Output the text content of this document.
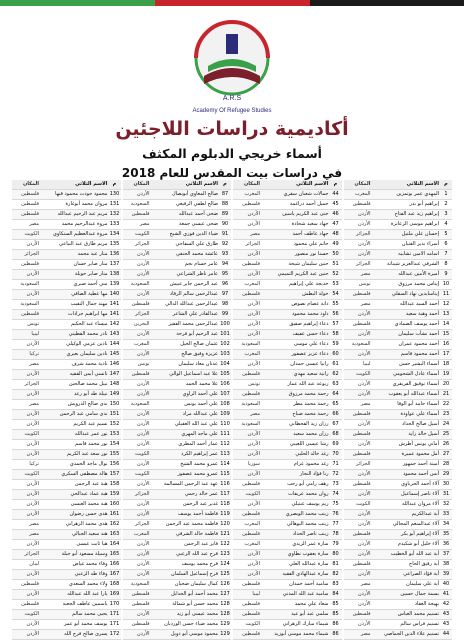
A.R.S
Academy Of Refugee Studies
أكاديمية دراسات اللاجئين
أسماء خريجي الدبلوم المكثف
في دراسات بيت المقدس للعام 2018
م
الاسم الثلاثي
المكان
1
المهدي عمر بوتمزين
المغرب
2
إبراهيم أبو بدر
فلسطين
3
إبراهيم زيد عبد الفتاح
الأردن
4
ابراهيم موسى الزعاترة
الأردن
5
إحسان علي ملتيل
الجزائر
6
أسراء نذير الفتيان
الأردن
7
اسامه الامين تشابيه
الأردن
8
الشرفي عبدالعزيز شيناتة
الجزائر
9
أميرة الأمين عبدالله
مصر
10
إيناس محمد مرزوق
تونس
11
إيناسايدين نهاد السقلي
فلسطين
12
أحمد السيد عبدالله
مصر
13
أحمد وهبة سعيد
الأردن
14
أحمد يوسف الصمادي
فلسطين
15
أحمد نشأت سليمان
الأردن
16
أحمد محمود عمران
السعودية
17
أحمد محمود قاسم
الأردن
18
أسماء البشير حسن
ليبيا
19
أسماء عادل الشحومي
الكويت
20
أسماء توفيق الفريقري
الأردن
21
أسماء عبدالله أبو يعقوب
الأردن
22
أسماء حامد أبو الوفا
مصر
23
أسماء علي عواودة
فلسطين
24
أسيل صالح الحداد
الأردن
25
أسيل خالد زايد
فلسطين
26
أماني يونس أطرش
الأردن
27
أمل محمود عميرة
فلسطين
28
أمينة أحمد جمهور
الجزائر
29
أنس أحمد محمود
الأردن
30
آلاء أحمد الحرباوي
فلسطين
31
آلاء ناصر إسماعيل
الأردن
32
آلاء مروان عبدالله
الكويت
33
آية عبدالكريم
الأردن
34
آلاء عبدالمنعم المجالي
الأردن
35
آلاء إبراهيم أبو بكر
فلسطين
36
آلاء خليل أبو شكيدم
الأردن
37
أية عبد الله أبو الخطيب
الأردن
38
أية رفيق الحاج
فلسطين
39
أية فؤاد الصراعي
الأردن
40
أية علي سليمان
مصر
41
بسمة جمال حسين
الأردن
42
بهيجة العقاد
الأردن
43
تسنيم محمد العباس
فلسطين
43
تسنيم فراس سالم
الأردن
44
تسنيم علاء الدين الجماصي
مصر
م
الاسم الثلاثي
المكان
44
جمالات شعبان سقري
المغرب
45
جميل أحمد دراغمة
فلسطين
46
جنى عبد الكريم ياسين
الأردن
47
جهاد سعيد شحادة
الأردن
48
جهاد عاطف أحمد
مصر
49
حاتم علي محمود
الجزائر
50
حسنا نور منصور
الأردن
51
حنين سليمان شيحة
فلسطين
52
حنين عبد الكريم التميمي
الأردن
53
خديجة علي إبراهيم
المغرب
54
خولة البطش
فلسطين
55
دانة عصام نصوص
الأردن
56
داود محمد محمود
الأردن
57
دعاء إبراهيم صفيق
الأردن
58
دعاء حسن عفيف
الأردن
59
دعاء علي موسى
السعودية
60
دعاء عزيز عصفور
المغرب
61
رانيا عيسى حمدان
الأردن
62
رانية سعيد مهدي
فلسطين
63
ربوعة عبد الله عمار
تونس
64
رحمة محمد مرزوق
فلسطين
65
رحمة محمد مطر
السعودية
66
رحمة محمد صباح
مصر
67
رزان زيد القحطاني
السعودية
68
رزان محمد سعيد
الأردن
69
رشا عيسى اللعيبي
الأردن
70
رغد خالد الحلبي
الأردن
71
رغد محمود عزام
سوريا
72
رنا فؤاد النجار
الأردن
73
رهف رامي أبو رجب
فلسطين
74
روان محمد عريقات
الكويت
75
ريم يوسف عنتيلي
الأردن
76
زينب محمد الوبصري
فلسطين
77
زينب محمد البوهالي
المغرب
78
زينب ناصر الحداد
فلسطين
79
سارة عمر الزيدي
المغرب
80
سارة يعقوب نطاوي
الأردن
81
سارة عبدالله العلي
الأردن
82
سارة عبدالهادي الفقيه
الأردن
83
سامية أحمد حمدان
فلسطين
84
سامية عبد الله المدني
ليبيا
85
سعاد علي محمد
فلسطين
85
سلمى عبد أبو عيد
فلسطين
86
شيماء مبارك الزهراني
الكويت
86
شيماء محمد موسى أبوزيد
فلسطين
م
الاسم الثلاثي
المكان
87
صالح المغاوي أبوبصال
الأردن
88
صالح لطفي الرفيعي
السعودية
89
ضحى أحمد عبدالله
فلسطين
90
ضحى عيسى جمعة
مصر
91
ضياء الدين فوزي الشيخ
الكويت
92
طارق علي السفاحي
الجزائر
93
عائشة محمد الحنفي
الأردن
94
عامر حسام نجم
الأردن
95
عامر ناظر الشراعي
الأردن
96
عبد الرحمن جابر غبيش
السعودية
97
عبدالرحمن سالم الرقاد
الأردن
98
عبدالرحمن عبدالله الدالي
فلسطين
99
عبدالقادر علي الشاعر
الجزائر
100
عبدالرحمن محمد الفقير
البحرين
101
عبد الرحيم أبو فرحة
الأردن
102
عثمان صالح الخيل
المغرب
103
عزيزة وفيق صالح
الأردن
104
عدنان معاذ سليمان
تونس
105
علا عبد اسماعيل الوالي
فلسطين
106
علا محمد الحمد
الأردن
107
علي أحمد الراوي
الأردن
108
علي أحمد يونس
السعودية
109
علي عبدالله مراد
الأردن
110
علي عبد الله العقيلي
الأردن
111
علي ماجد المهري
الأردن
112
عمار أحمد المطري
الأردن
113
عمر إبراهيم الكرد
الكويت
114
عمرو محمد الشيخ
الأردن
115
عمرو محمد عصفور
الكويت
116
عهد عبد الرحمن المسالمة
الأردن
117
عمر خالد رحمي
الجزائر
118
غدير عبد الرحمن
الأردن
119
فاطمة أحمد يوسف
الأردن
120
فاطمة محمد عبد الرحمن
الجزائر
121
فاطمة خالد الشرفي
المغرب
122
فايز عبد الرحمن
الأردن
123
فرح عبد الله الزعبي
الأردن
124
فرح محمد يوسف
الأردن
125
فرح إسماعيل السلمان
الأردن
126
كمال سليمان ضحيان
السعودية
127
محمد أحمد أبو الجدايل
فلسطين
128
محمد حسن أبو شمالة
فلسطين
128
محمد عيسى أبو زيد
الأردن
129
محمد ضياء حسن الورديان
فلسطين
129
محمود موسى أبو ذويل
الأردن
م
الاسم الثلاثي
المكان
130
محمود جودت محمود قنها
فلسطين
131
مروان محمد أبوغارة
فلسطين
132
مريم عبد الرحيم عبدالله
فلسطين
133
مروة عبدالرحيم محمد
مصر
134
مروة عبدالعظيم السنكاوي
الكويت
135
مريم طارق عبد البياعي
الأردن
136
منار عبد محمد
الجزائر
137
منار صابر حسان
فلسطين
138
منار صابر حويلة
الأردن
139
مني أحمد صبري
السعودية
140
مها عطية الصافي
الأردن
141
مهند جمال النقيب
السعودية
141
مها ابراهيم جرادات
فلسطين
142
ميساء عبد الحكيم
تونس
143
نادر محمد القطيني
ليبيا
144
نادين عزمي الوكيلي
الأردن
145
نادين سليمان بعيري
تركيا
146
نادية محمد شرف
مصر
147
نانسي أيمن الفقيه
الأردن
148
نبيل محمد صالحين
الجزائر
149
نبيلة طه أبو رعد
الأردن
150
ندى صالح الدرويش
مصر
151
ندى سامي عبد الرحمن
الأردن
152
نسيم عبد الكريم
الأردن
153
نور عمر عبدالله
الكويت
154
نور محمد قاسم
الأردن
155
نور سعد عبد الكريم
الأردن
156
نوال ماجد الحمدي
تركيا
157
هالة مصطفى السكري
الكويت
158
هبة عبد الرحمن
الأردن
159
هبة عماد عبدالحي
الأردن
160
هبة محمد العيسى
الأردن
161
هدى حسن رضوان
الأردن
162
هدى محمد الزهراني
مصر
163
هند سعيد الجبالي
مصر
164
هيا ثابت عيسى
الأردن
165
وسيلة مسعود أبو جبلة
الجزائر
166
وفاء محمد غياض
لبنان
167
وفاء طه الزعبي
الأردن
168
ولاء محمد السعدي
فلسطين
169
يارا عبد الله عبدالله
الأردن
170
ياسمين عاطف الجعبة
فلسطين
171
يحيى محمد سالم
الكويت
171
يوسف محمد أبو عمر
الأردن
172
يسرى صالح فرج الله
الأردن
